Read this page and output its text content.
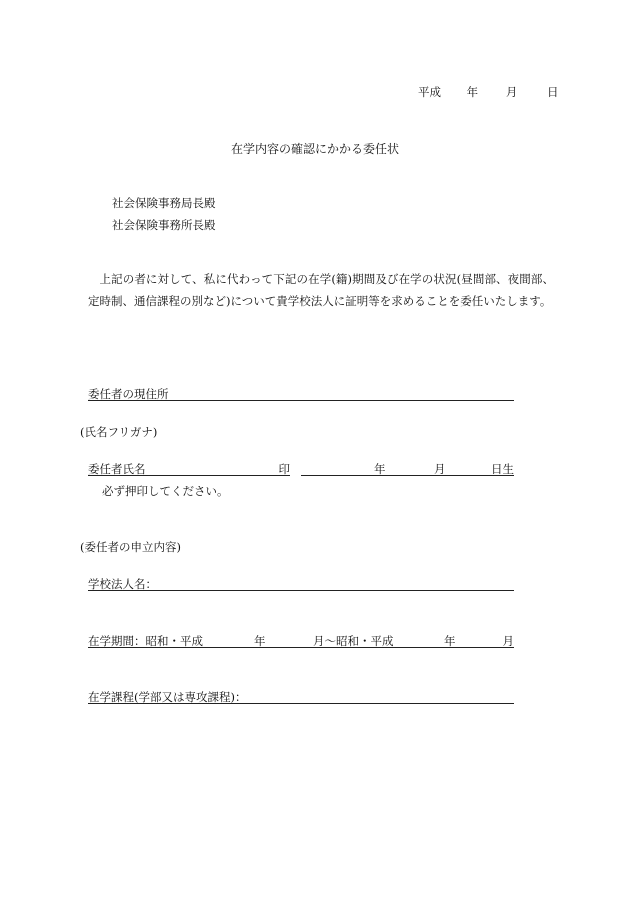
平成 年 月	日
在学内容の確認にかかる委任状
社会保険事務局長殿
社会保険事務所長殿
上記の者に対して、私に代わって下記の在学(籍)期間及び在学の状況(昼間部、夜間部、定時制、通信課程の別など)について貴学校法人に証明等を求めることを委任いたします。
委任者の現住所
(氏名フリガナ)
委任者氏名	印	年	月	日生
必ず押印してください。
(委任者の申立内容)
学校法人名：
在学期間：昭和・平成	年	月〜昭和・平成	年	月
在学課程(学部又は専攻課程)：
